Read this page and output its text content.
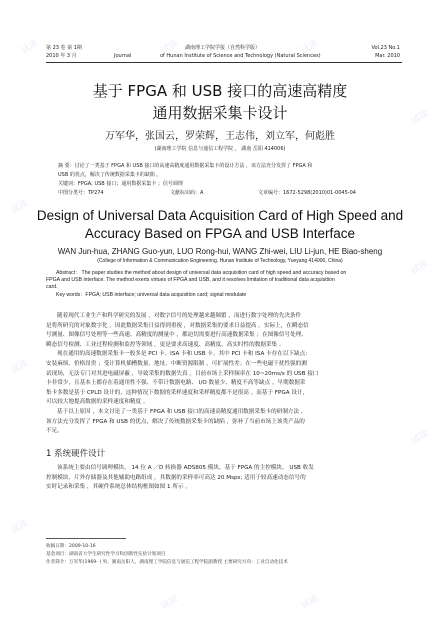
试读	试读	试读
试读
试读
试读
试读
试读
试读
试读	试读
第 23 卷 第 1期
2010 年 3 月
湖南理工学院学报（自然科学版）
Journal	of Hunan Institute of Science and Technology (Natural Sciences)
Vol.23 No.1
Mar. 2010
基于 FPGA 和 USB 接口的高速高精度
通用数据采集卡设计
万军华，张国云，罗荣辉，王志伟，刘立军，何彪胜
(湖南理工学院 信息与通信工程学院 ， 湖南 岳阳 414006)
摘 要：讨论了一类基于 FPGA 和 USB 接口的高速高精度通用数据采集卡的设计方法 ，该方法充分发挥了 FPGA 和
USB 的优点，解决了传统数据采集卡的缺陷 。
关键词：FPGA; USB 接口；通用数据采集卡 ；信号调理
中图分类号：TP274	文献标识码：A	文章编号：1672-5298(2010)01-0045-04
Design of Universal Data Acquisition Card of High Speed and
Accuracy Based on FPGA and USB Interface
WAN Jun-hua, ZHANG Guo-yun, LUO Rong-hui, WANG Zhi-wei, LIU Li-jun, HE Biao-sheng
(College of Information & Communication Engineering, Hunan Institute of Technology, Yueyang 414006, China)
Abstract： The paper studies the method about design of universal data acquisition card of high speed and accuracy based on
FPGA and USB interface. The method exerts virtues of FPGA and USB, and it resolves limitation of traditional data acquisition
card.
Key words：FPGA; USB interface; universal data acquisition card; signal modulate
随着现代工业生产和科学研究的发展 ，对数字信号的处理越来越频繁 ，而进行数字处理的先决条件
是将所研究的对象数字化 ，因此数据采集日益得到重视 ，对数据采集的要求日益提高 。实际上，在瞬态信
号测量、图像信号处理等一些高速、高精度的测量中 ，都迫切需要进行高速数据采集 ；在图像信号处理、
瞬态信号检测、工业过程检测和监控等领域 ，更是要求高速度、高精度、高实时性的数据采集 。
现在通用的高速数据采集卡一般多是 PCI 卡、ISA 卡和 USB 卡。其中 PCI 卡和 ISA 卡存在以下缺点：
安装麻烦、价格昂贵 ；受计算机插槽数量、地址、中断资源限制 ，可扩展性差；在一些电磁干扰性强的测
试现场，无法专门对其进电磁屏蔽 ，导致采集的数据失真 。目前市场上采样频率在 10~20ms/s 的 USB 接口
卡非常少，且基本上都存在着通用性不强、不带计数器电路、 I/O 数量少、精度不高等缺点 。早期数据采
集卡多数是基于 CPLD 设计的，这种情况下数据的采样速度和采样精度都不是很高 。而基于 FPGA 设计，
可以较大地提高数据的采样速度和精度 。
基于以上原因 ，本文讨论了一类基于 FPGA 和 USB 接口的高速高精度通用数据采集卡的研制方法 ，
该方法充分发挥了 FPGA 和 USB 的优点，解决了传统数据采集卡的缺陷 ，弥补了当前市场上该类产品的
不足。
1 系统硬件设计
该系统主要由信号调理模块、 14 位 A ／D 转换器 ADS805 模块、基于 FPGA 的主控模块、 USB 收发
控制模块、片外存储器及其他辅助电路组成 ，其数据的采样率可高达 20 Msps; 适用于较高速动态信号的
实时记录和采集 ，其硬件系统总体结构框图如图 1 所示 。
收稿日期：2009-10-16
基金项目：湖南省大学生研究性学习和创新性实验计划项目
作者简介：万军华(1969- ) 男，湖南岳阳人，湖南理工学院信息与通信工程学院副教授 主要研究方向：工业自动化技术
